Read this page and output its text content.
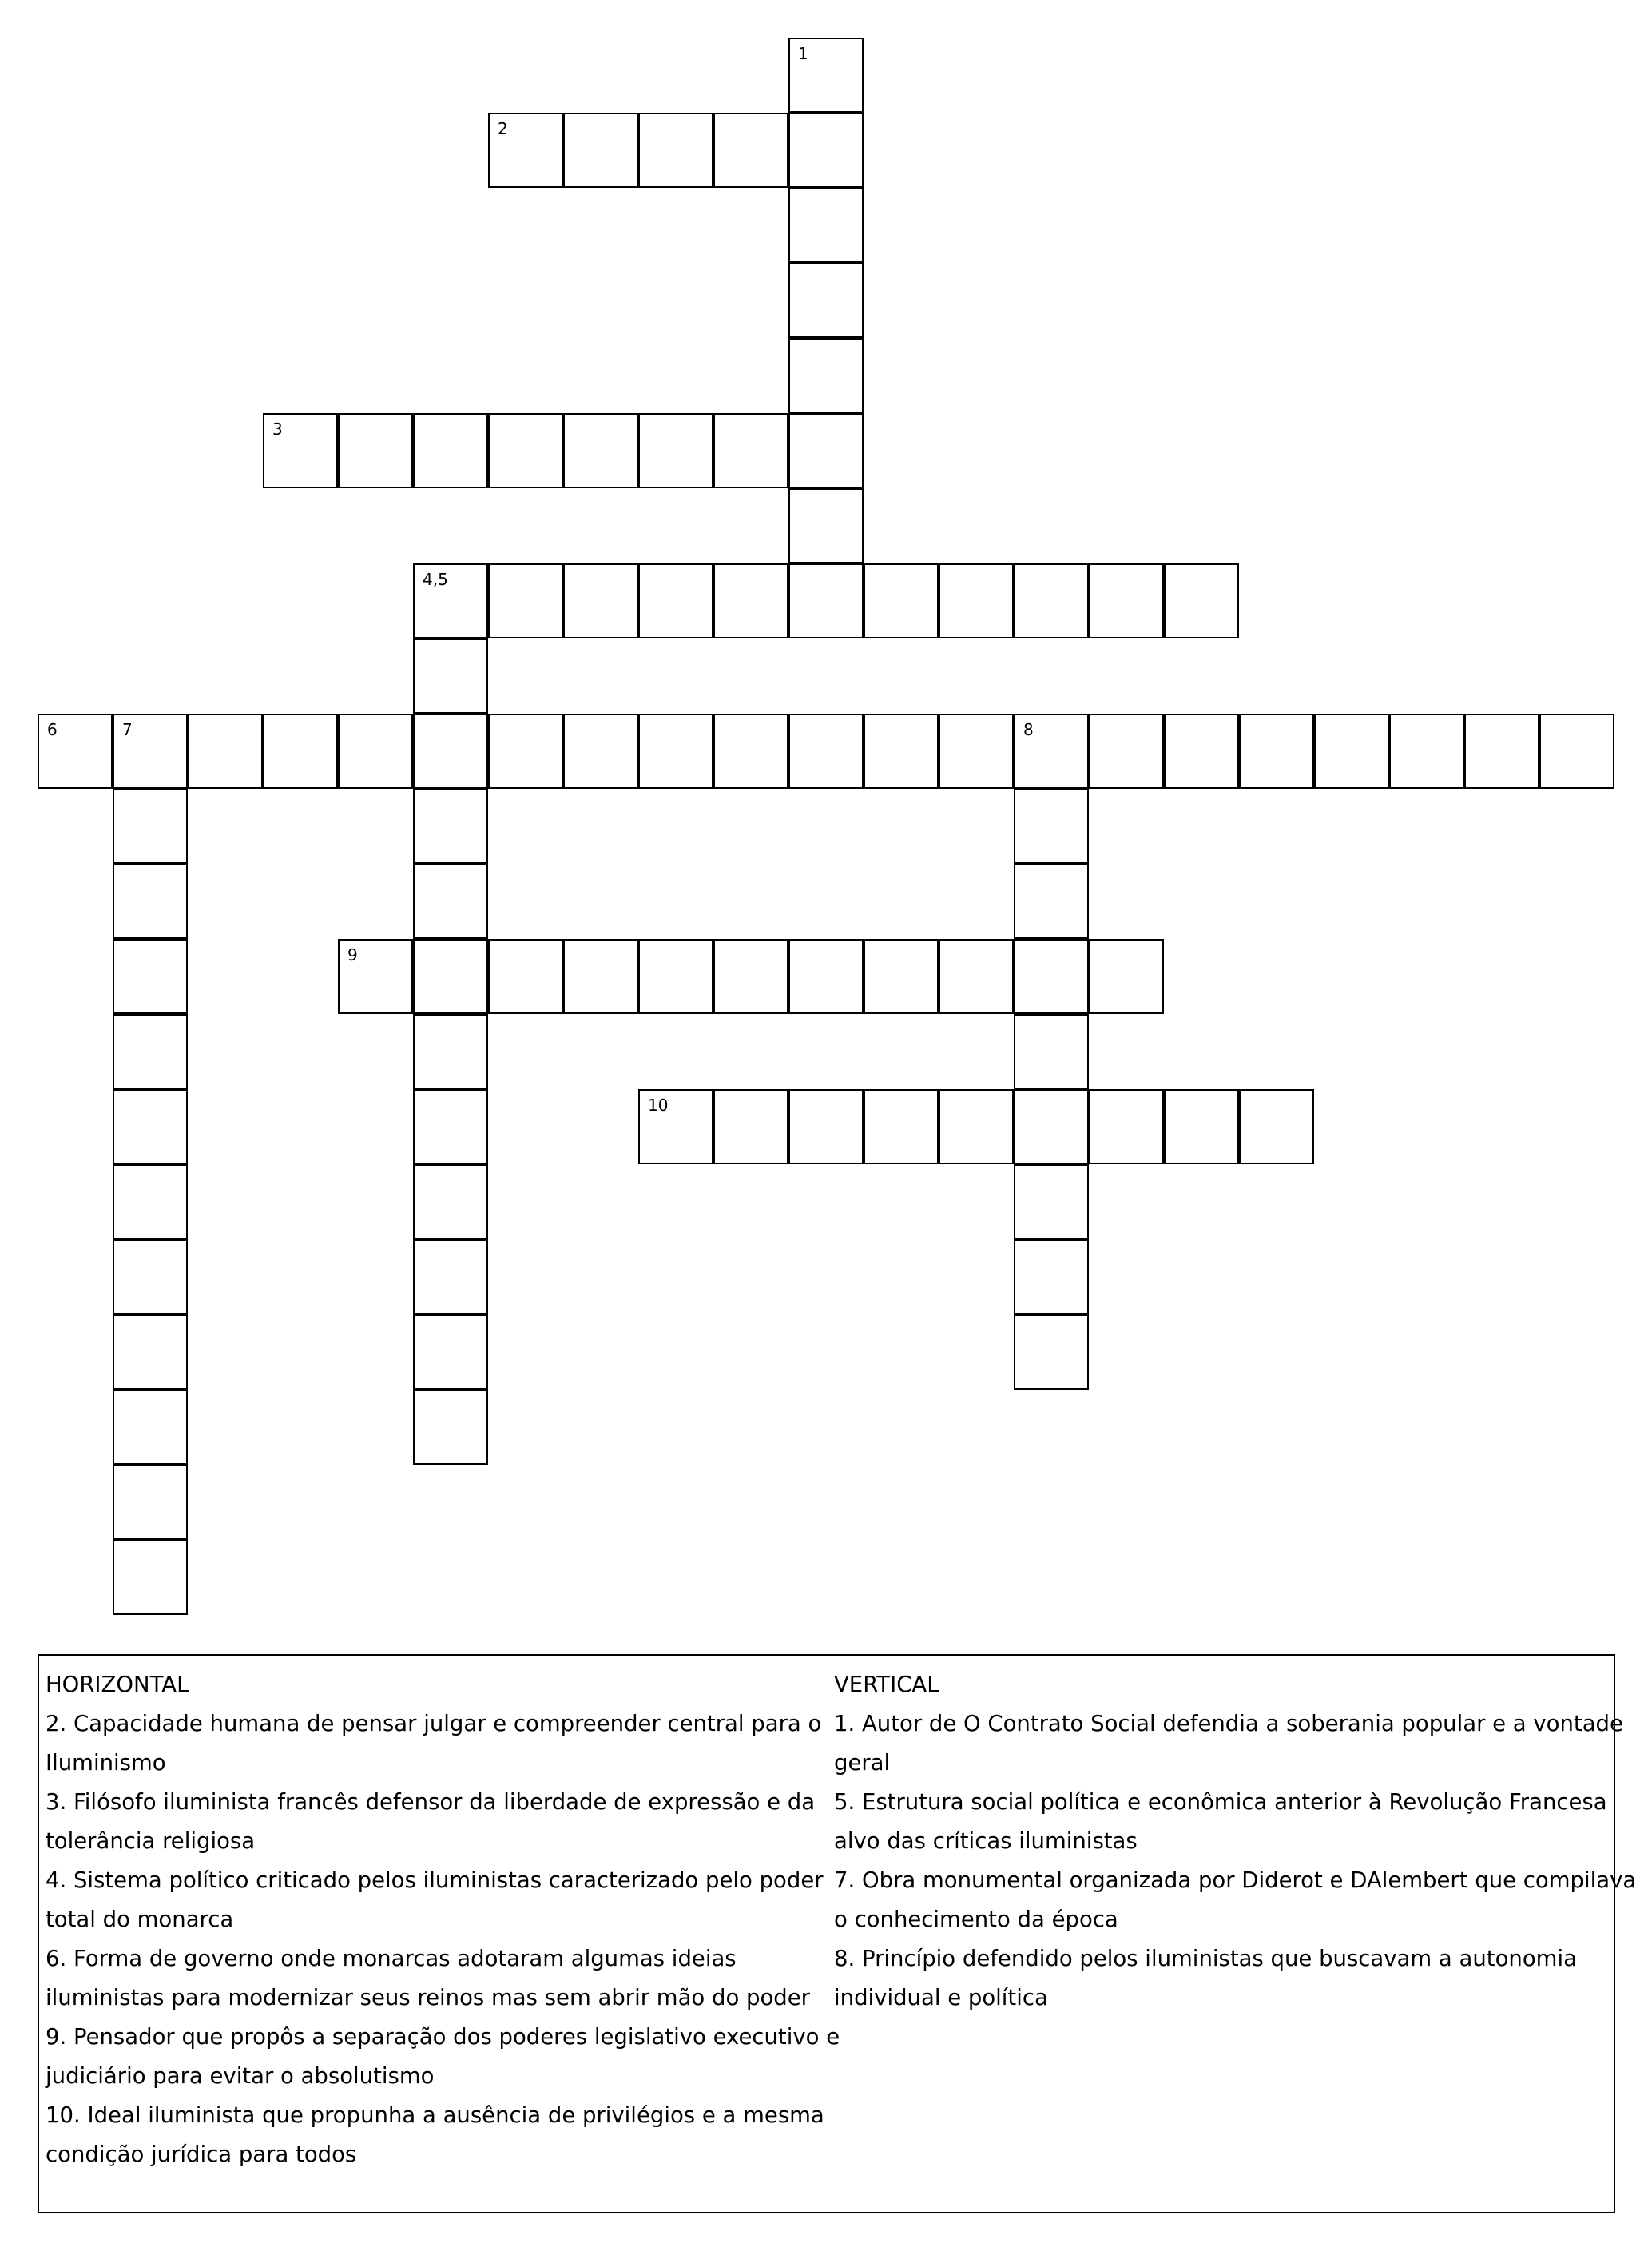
1
2
3
4,5
6	7	8
9
10
HORIZONTAL
2. Capacidade humana de pensar julgar e compreender central para o
Iluminismo
3. Filósofo iluminista francês defensor da liberdade de expressão e da
tolerância religiosa
4. Sistema político criticado pelos iluministas caracterizado pelo poder
total do monarca
6. Forma de governo onde monarcas adotaram algumas ideias
iluministas para modernizar seus reinos mas sem abrir mão do poder
9. Pensador que propôs a separação dos poderes legislativo executivo e
judiciário para evitar o absolutismo
10. Ideal iluminista que propunha a ausência de privilégios e a mesma
condição jurídica para todos
VERTICAL
1. Autor de O Contrato Social defendia a soberania popular e a vontade
geral
5. Estrutura social política e econômica anterior à Revolução Francesa
alvo das críticas iluministas
7. Obra monumental organizada por Diderot e DAlembert que compilava
o conhecimento da época
8. Princípio defendido pelos iluministas que buscavam a autonomia
individual e política
